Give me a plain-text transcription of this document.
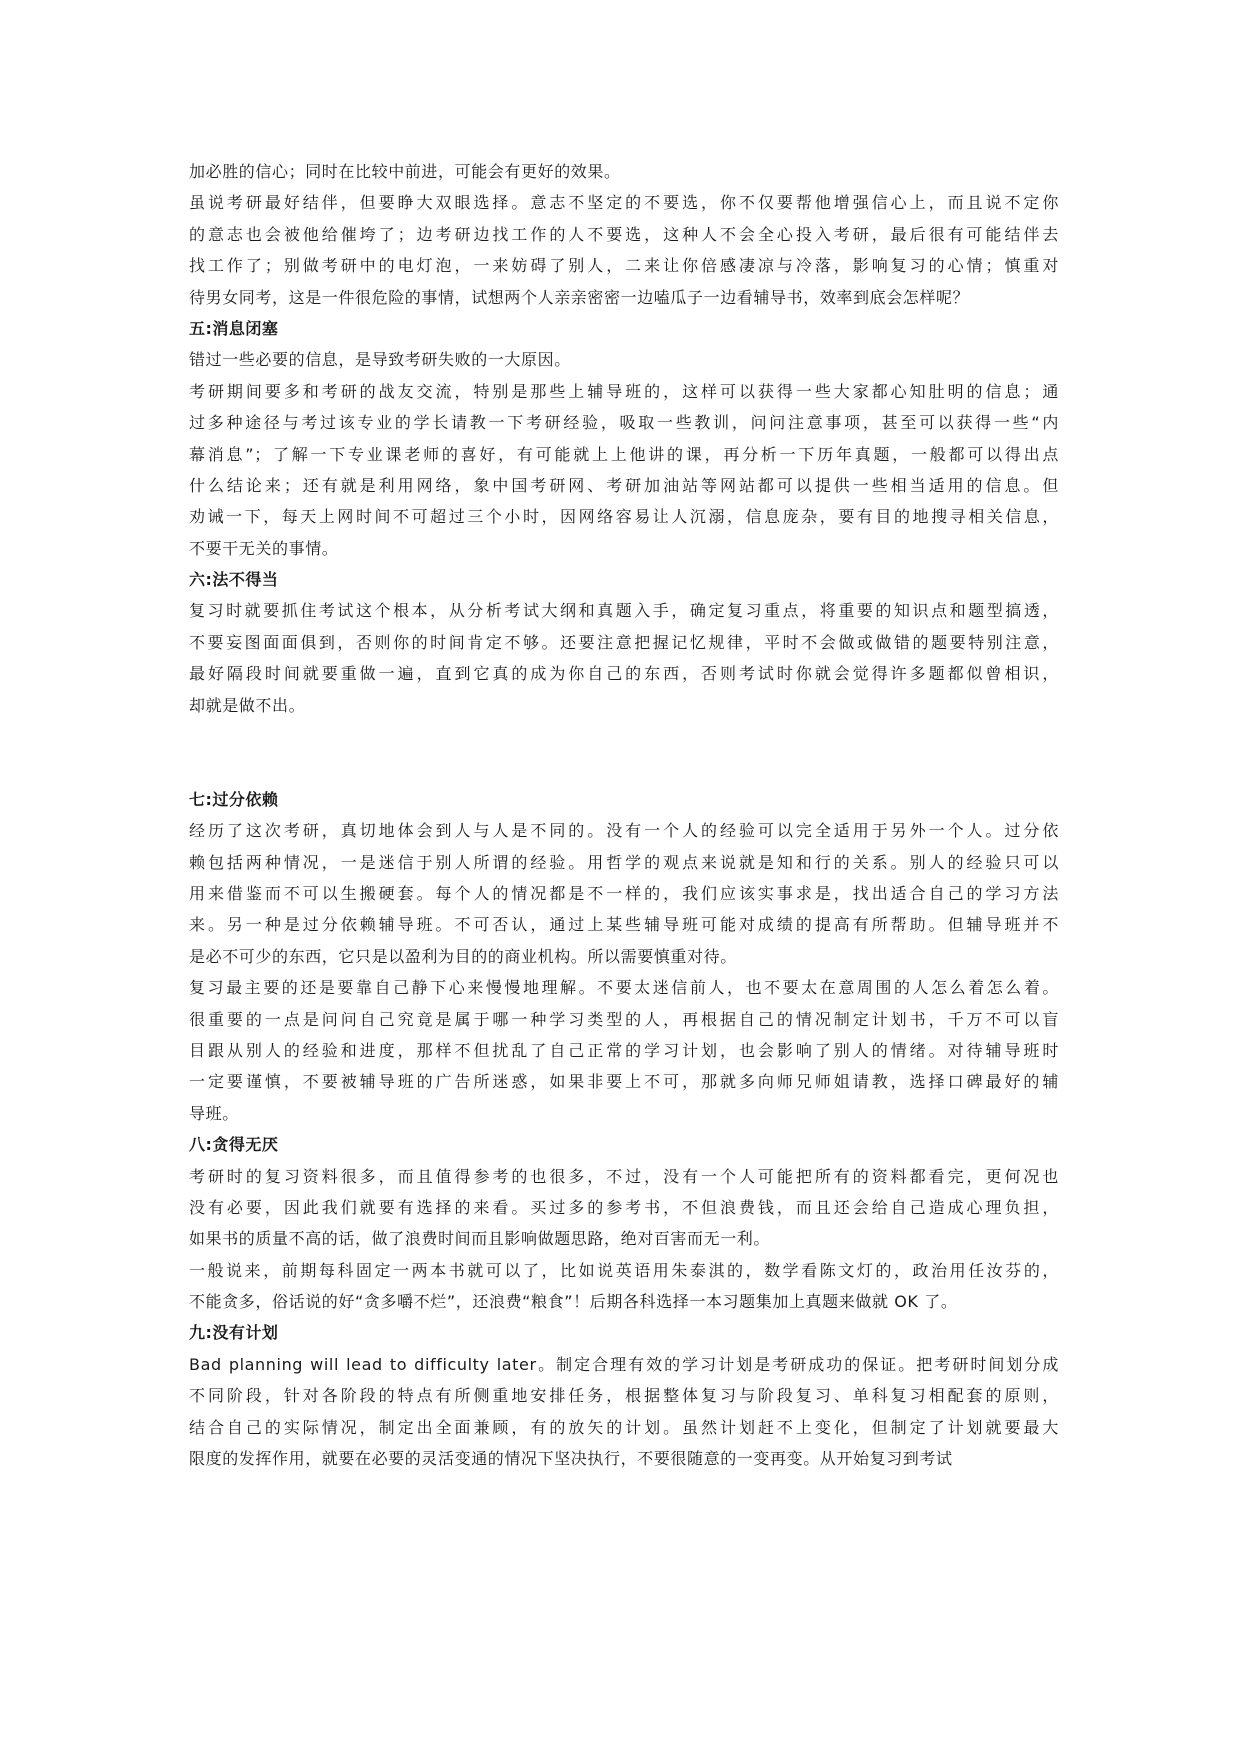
加必胜的信心；同时在比较中前进，可能会有更好的效果。
虽说考研最好结伴，但要睁大双眼选择。意志不坚定的不要选，你不仅要帮他增强信心上，而且说不定你
的意志也会被他给催垮了；边考研边找工作的人不要选，这种人不会全心投入考研，最后很有可能结伴去
找工作了；别做考研中的电灯泡，一来妨碍了别人，二来让你倍感凄凉与冷落，影响复习的心情；慎重对
待男女同考，这是一件很危险的事情，试想两个人亲亲密密一边嗑瓜子一边看辅导书，效率到底会怎样呢？
五:消息闭塞
错过一些必要的信息，是导致考研失败的一大原因。
考研期间要多和考研的战友交流，特别是那些上辅导班的，这样可以获得一些大家都心知肚明的信息；通
过多种途径与考过该专业的学长请教一下考研经验，吸取一些教训，问问注意事项，甚至可以获得一些“内
幕消息”；了解一下专业课老师的喜好，有可能就上上他讲的课，再分析一下历年真题，一般都可以得出点
什么结论来；还有就是利用网络，象中国考研网、考研加油站等网站都可以提供一些相当适用的信息。但
劝诫一下，每天上网时间不可超过三个小时，因网络容易让人沉溺，信息庞杂，要有目的地搜寻相关信息，
不要干无关的事情。
六:法不得当
复习时就要抓住考试这个根本，从分析考试大纲和真题入手，确定复习重点，将重要的知识点和题型搞透，
不要妄图面面俱到，否则你的时间肯定不够。还要注意把握记忆规律，平时不会做或做错的题要特别注意，
最好隔段时间就要重做一遍，直到它真的成为你自己的东西，否则考试时你就会觉得许多题都似曾相识，
却就是做不出。
七:过分依赖
经历了这次考研，真切地体会到人与人是不同的。没有一个人的经验可以完全适用于另外一个人。过分依
赖包括两种情况，一是迷信于别人所谓的经验。用哲学的观点来说就是知和行的关系。别人的经验只可以
用来借鉴而不可以生搬硬套。每个人的情况都是不一样的，我们应该实事求是，找出适合自己的学习方法
来。另一种是过分依赖辅导班。不可否认，通过上某些辅导班可能对成绩的提高有所帮助。但辅导班并不
是必不可少的东西，它只是以盈利为目的的商业机构。所以需要慎重对待。
复习最主要的还是要靠自己静下心来慢慢地理解。不要太迷信前人，也不要太在意周围的人怎么着怎么着。
很重要的一点是问问自己究竟是属于哪一种学习类型的人，再根据自己的情况制定计划书，千万不可以盲
目跟从别人的经验和进度，那样不但扰乱了自己正常的学习计划，也会影响了别人的情绪。对待辅导班时
一定要谨慎，不要被辅导班的广告所迷惑，如果非要上不可，那就多向师兄师姐请教，选择口碑最好的辅
导班。
八:贪得无厌
考研时的复习资料很多，而且值得参考的也很多，不过，没有一个人可能把所有的资料都看完，更何况也
没有必要，因此我们就要有选择的来看。买过多的参考书，不但浪费钱，而且还会给自己造成心理负担，
如果书的质量不高的话，做了浪费时间而且影响做题思路，绝对百害而无一利。
一般说来，前期每科固定一两本书就可以了，比如说英语用朱泰淇的，数学看陈文灯的，政治用任汝芬的，
不能贪多，俗话说的好“贪多嚼不烂”，还浪费“粮食”！后期各科选择一本习题集加上真题来做就 OK 了。
九:没有计划
Bad planning will lead to difficulty later。制定合理有效的学习计划是考研成功的保证。把考研时间划分成
不同阶段，针对各阶段的特点有所侧重地安排任务，根据整体复习与阶段复习、单科复习相配套的原则，
结合自己的实际情况，制定出全面兼顾，有的放矢的计划。虽然计划赶不上变化，但制定了计划就要最大
限度的发挥作用，就要在必要的灵活变通的情况下坚决执行，不要很随意的一变再变。从开始复习到考试
